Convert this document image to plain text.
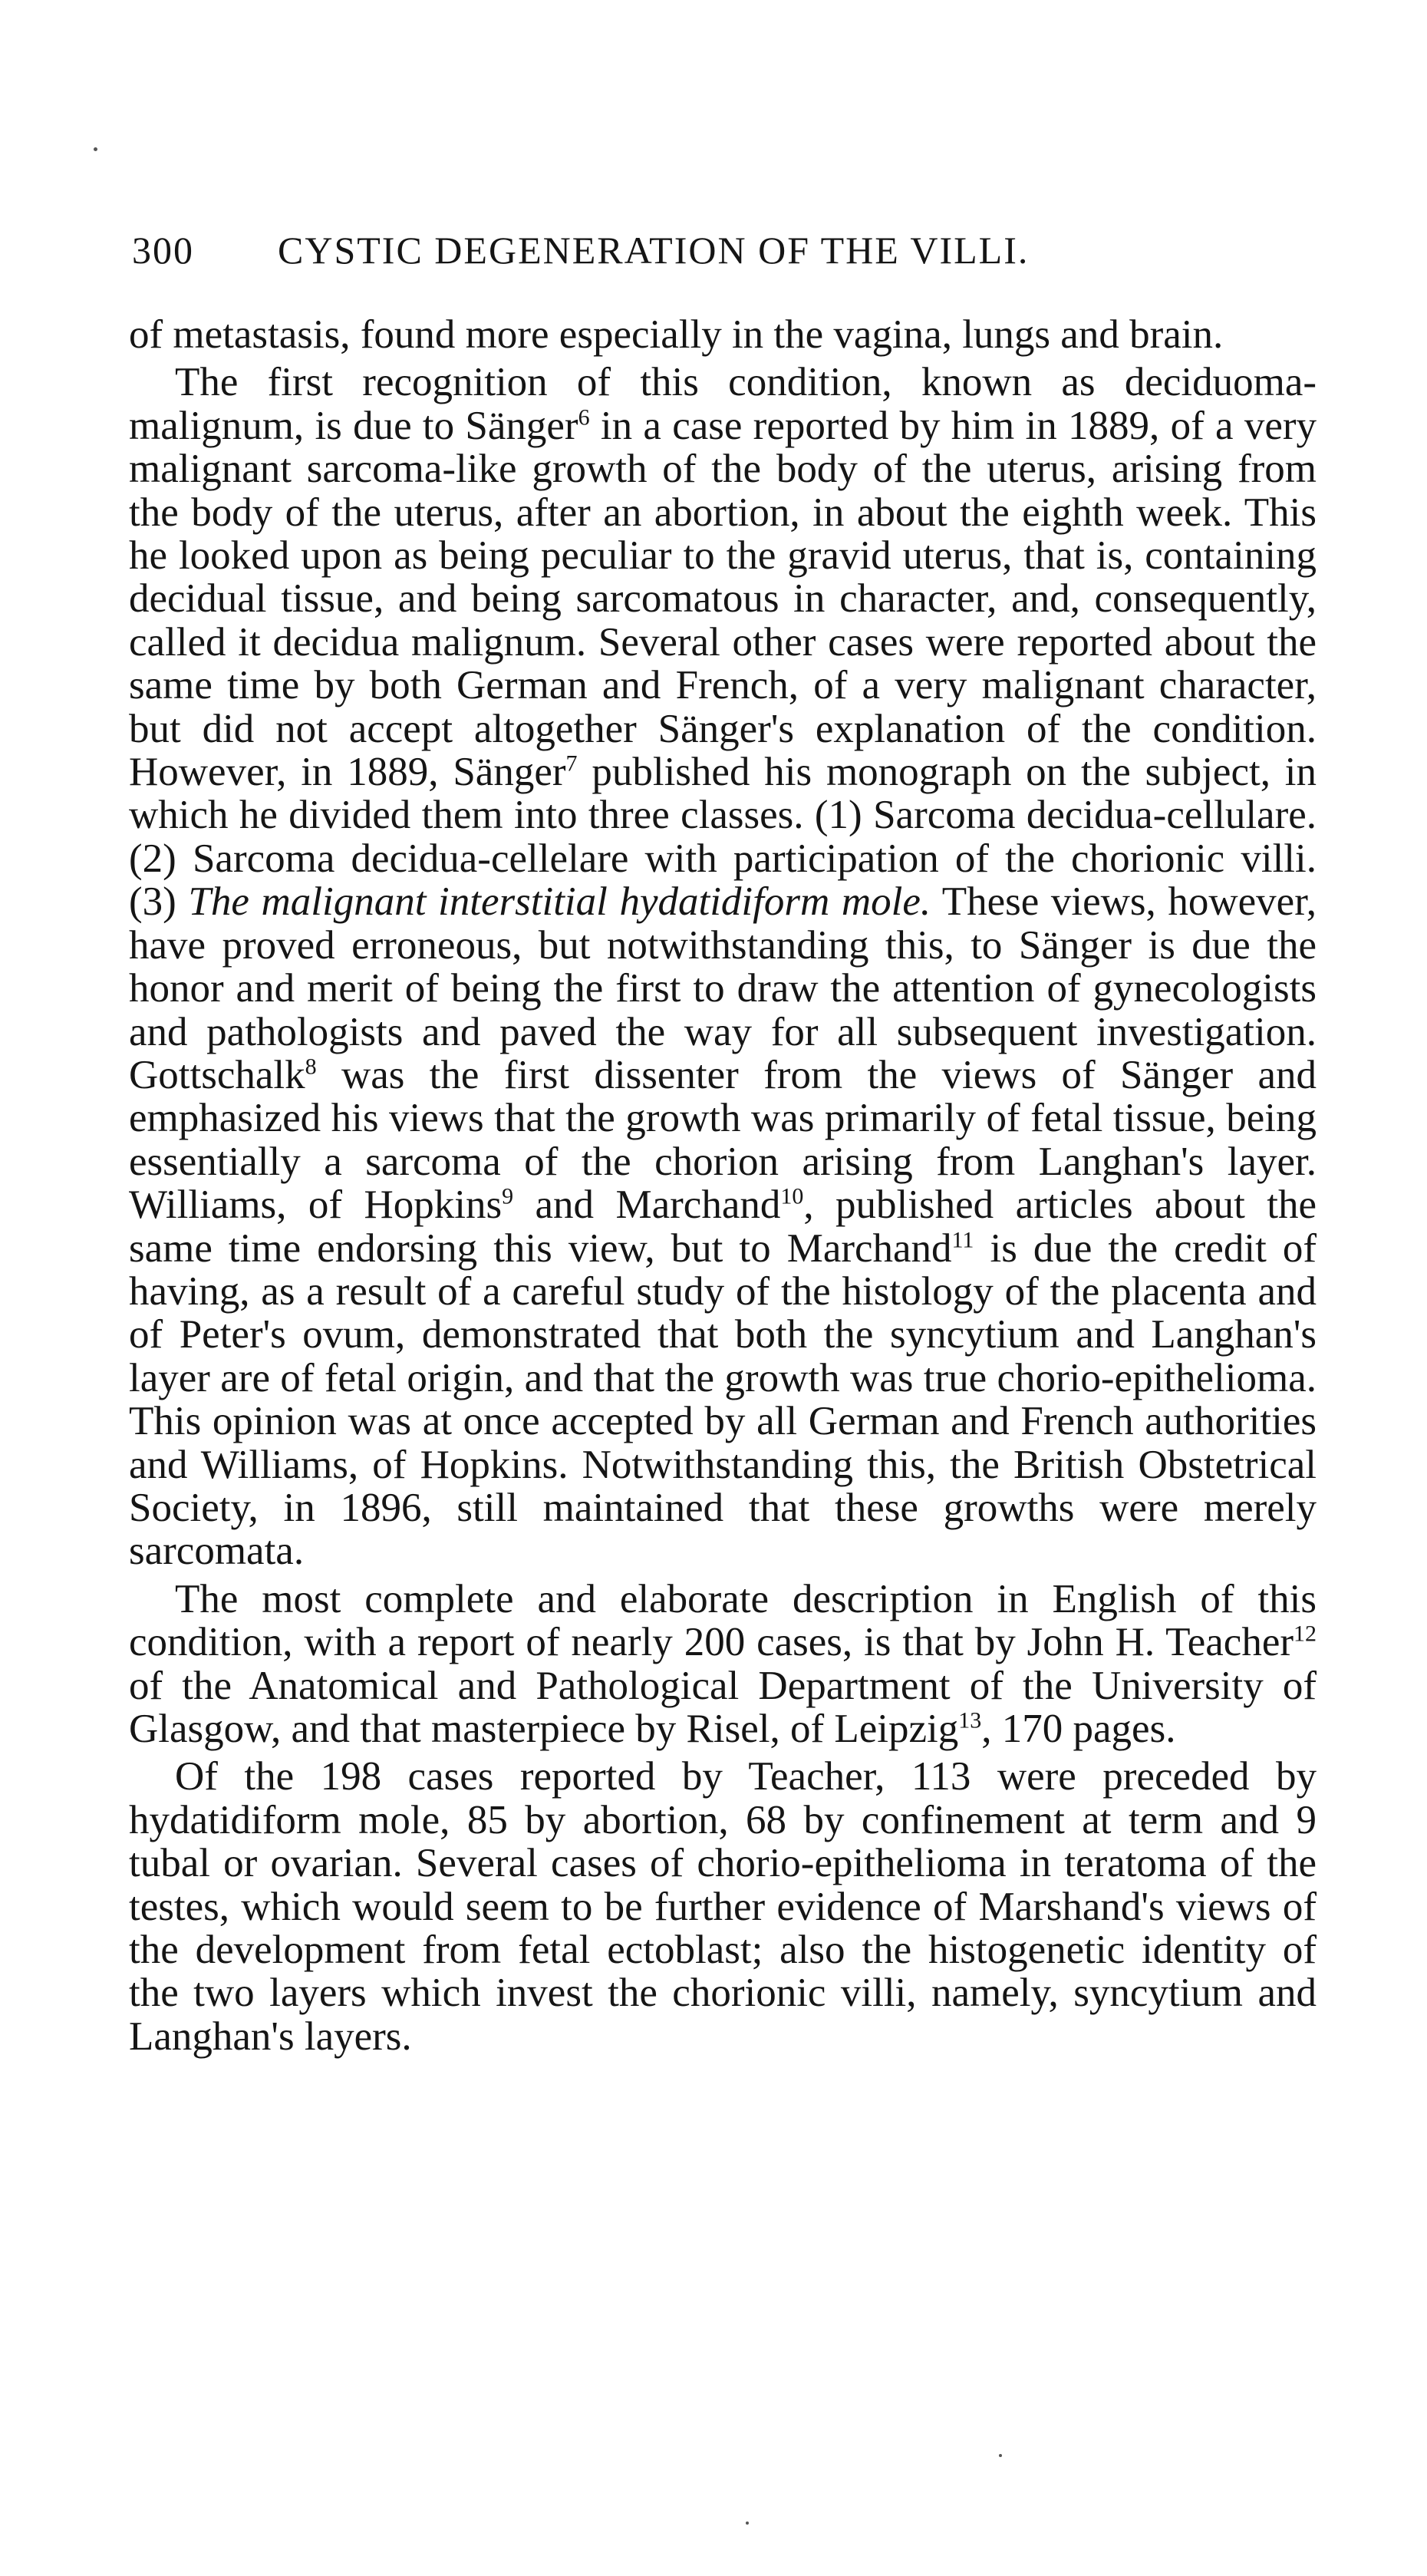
300 CYSTIC DEGENERATION OF THE VILLI.

of metastasis, found more especially in the vagina, lungs and brain.

The first recognition of this condition, known as deciduoma-malignum, is due to Sänger$^6$ in a case reported by him in 1889, of a very malignant sarcoma-like growth of the body of the uterus, arising from the body of the uterus, after an abortion, in about the eighth week. This he looked upon as being peculiar to the gravid uterus, that is, containing decidual tissue, and being sarcomatous in character, and, consequently, called it decidua malignum. Several other cases were reported about the same time by both German and French, of a very malignant character, but did not accept altogether Sänger's explanation of the condition. However, in 1889, Sänger$^7$ published his monograph on the subject, in which he divided them into three classes. (1) Sarcoma decidua-cellulare. (2) Sarcoma decidua-cellelare with participation of the chorionic villi. (3) The malignant interstitial hydatidiform mole. These views, however, have proved erroneous, but notwithstanding this, to Sänger is due the honor and merit of being the first to draw the attention of gynecologists and pathologists and paved the way for all subsequent investigation. Gottschalk$^8$ was the first dissenter from the views of Sänger and emphasized his views that the growth was primarily of fetal tissue, being essentially a sarcoma of the chorion arising from Langhan's layer. Williams, of Hopkins$^9$ and Marchand$^{10}$, published articles about the same time endorsing this view, but to Marchand$^{11}$ is due the credit of having, as a result of a careful study of the histology of the placenta and of Peter's ovum, demonstrated that both the syncytium and Langhan's layer are of fetal origin, and that the growth was true chorio-epithelioma. This opinion was at once accepted by all German and French authorities and Williams, of Hopkins. Notwithstanding this, the British Obstetrical Society, in 1896, still maintained that these growths were merely sarcomata.

The most complete and elaborate description in English of this condition, with a report of nearly 200 cases, is that by John H. Teacher$^{12}$ of the Anatomical and Pathological Department of the University of Glasgow, and that masterpiece by Risel, of Leipzig$^{13}$, 170 pages.

Of the 198 cases reported by Teacher, 113 were preceded by hydatidiform mole, 85 by abortion, 68 by confinement at term and 9 tubal or ovarian. Several cases of chorio-epithelioma in teratoma of the testes, which would seem to be further evidence of Marshand's views of the development from fetal ectoblast; also the histogenetic identity of the two layers which invest the chorionic villi, namely, syncytium and Langhan's layers.
